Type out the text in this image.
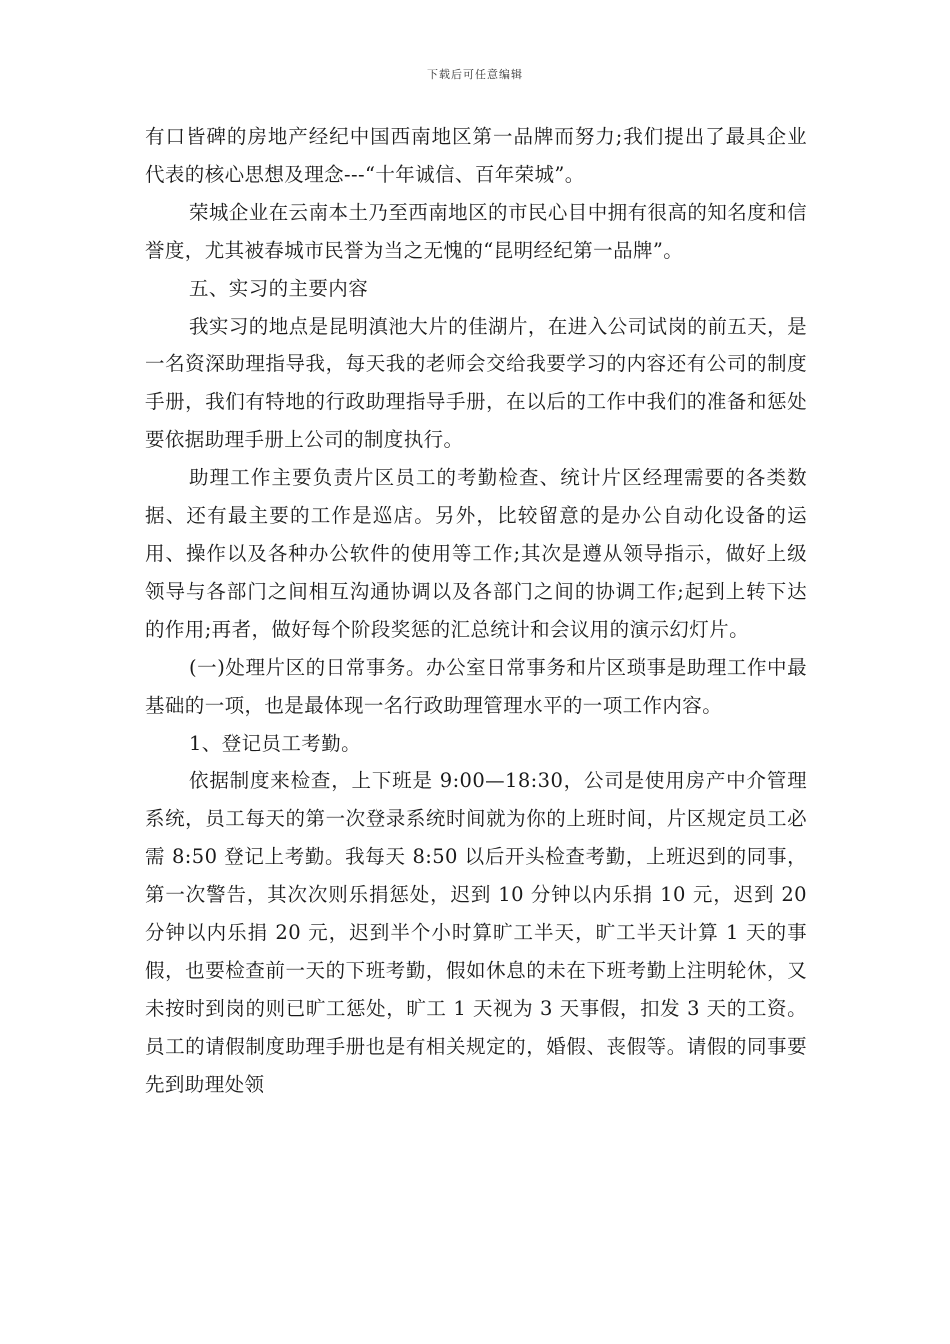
下载后可任意编辑

有口皆碑的房地产经纪中国西南地区第一品牌而努力;我们提出了最具企业代表的核心思想及理念---“十年诚信、百年荣城”。

荣城企业在云南本土乃至西南地区的市民心目中拥有很高的知名度和信誉度，尤其被春城市民誉为当之无愧的“昆明经纪第一品牌”。

五、实习的主要内容

我实习的地点是昆明滇池大片的佳湖片，在进入公司试岗的前五天，是一名资深助理指导我，每天我的老师会交给我要学习的内容还有公司的制度手册，我们有特地的行政助理指导手册，在以后的工作中我们的准备和惩处要依据助理手册上公司的制度执行。

助理工作主要负责片区员工的考勤检查、统计片区经理需要的各类数据、还有最主要的工作是巡店。另外，比较留意的是办公自动化设备的运用、操作以及各种办公软件的使用等工作;其次是遵从领导指示，做好上级领导与各部门之间相互沟通协调以及各部门之间的协调工作;起到上转下达的作用;再者，做好每个阶段奖惩的汇总统计和会议用的演示幻灯片。

(一)处理片区的日常事务。办公室日常事务和片区琐事是助理工作中最基础的一项，也是最体现一名行政助理管理水平的一项工作内容。

1、登记员工考勤。

依据制度来检查，上下班是 9:00—18:30，公司是使用房产中介管理系统，员工每天的第一次登录系统时间就为你的上班时间，片区规定员工必需 8:50 登记上考勤。我每天 8:50 以后开头检查考勤，上班迟到的同事，第一次警告，其次次则乐捐惩处，迟到 10 分钟以内乐捐 10 元，迟到 20 分钟以内乐捐 20 元，迟到半个小时算旷工半天，旷工半天计算 1 天的事假，也要检查前一天的下班考勤，假如休息的未在下班考勤上注明轮休，又未按时到岗的则已旷工惩处，旷工 1 天视为 3 天事假，扣发 3 天的工资。员工的请假制度助理手册也是有相关规定的，婚假、丧假等。请假的同事要先到助理处领
